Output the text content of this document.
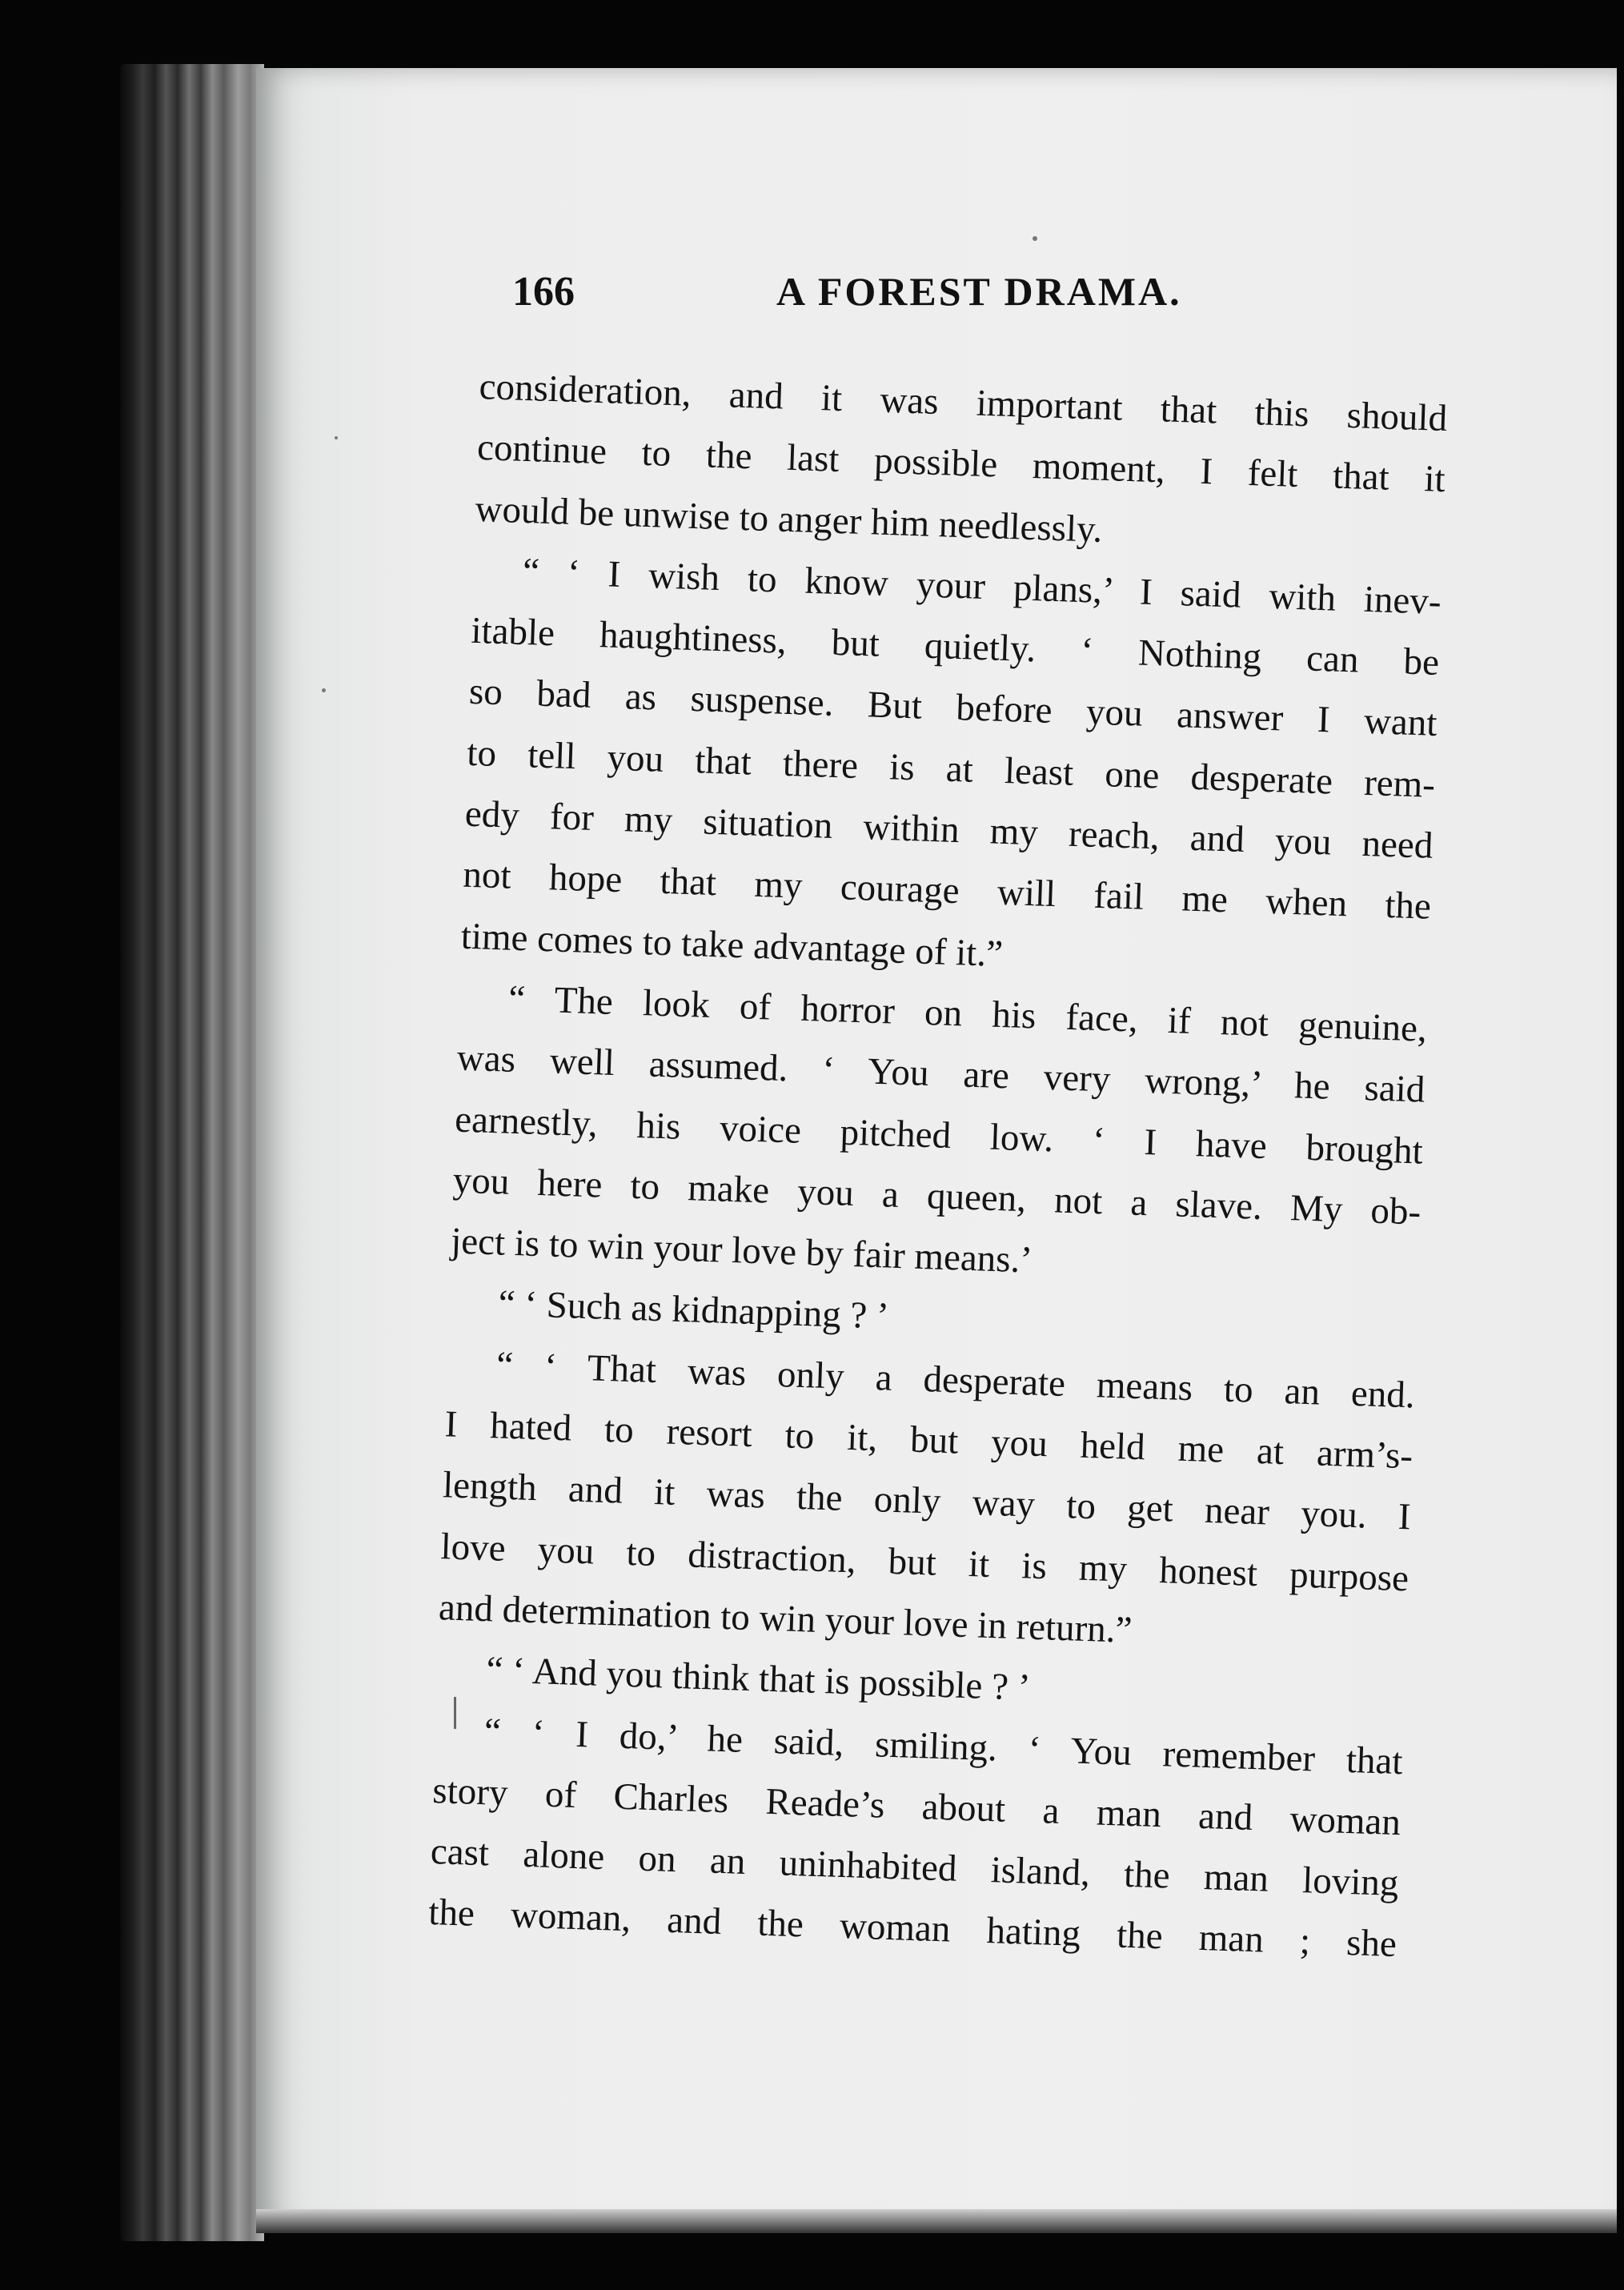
166	A FOREST DRAMA.
consideration, and it was important that this should
continue to the last possible moment, I felt that it
would be unwise to anger him needlessly.
“ ‘ I wish to know your plans,’ I said with inev-
itable haughtiness, but quietly. ‘ Nothing can be
so bad as suspense. But before you answer I want
to tell you that there is at least one desperate rem-
edy for my situation within my reach, and you need
not hope that my courage will fail me when the
time comes to take advantage of it.”
“ The look of horror on his face, if not genuine,
was well assumed. ‘ You are very wrong,’ he said
earnestly, his voice pitched low. ‘ I have brought
you here to make you a queen, not a slave. My ob-
ject is to win your love by fair means.’
“ ‘ Such as kidnapping ? ’
“ ‘ That was only a desperate means to an end.
I hated to resort to it, but you held me at arm’s-
length and it was the only way to get near you. I
love you to distraction, but it is my honest purpose
and determination to win your love in return.”
“ ‘ And you think that is possible ? ’
“ ‘ I do,’ he said, smiling. ‘ You remember that
story of Charles Reade’s about a man and woman
cast alone on an uninhabited island, the man loving
the woman, and the woman hating the man ; she
